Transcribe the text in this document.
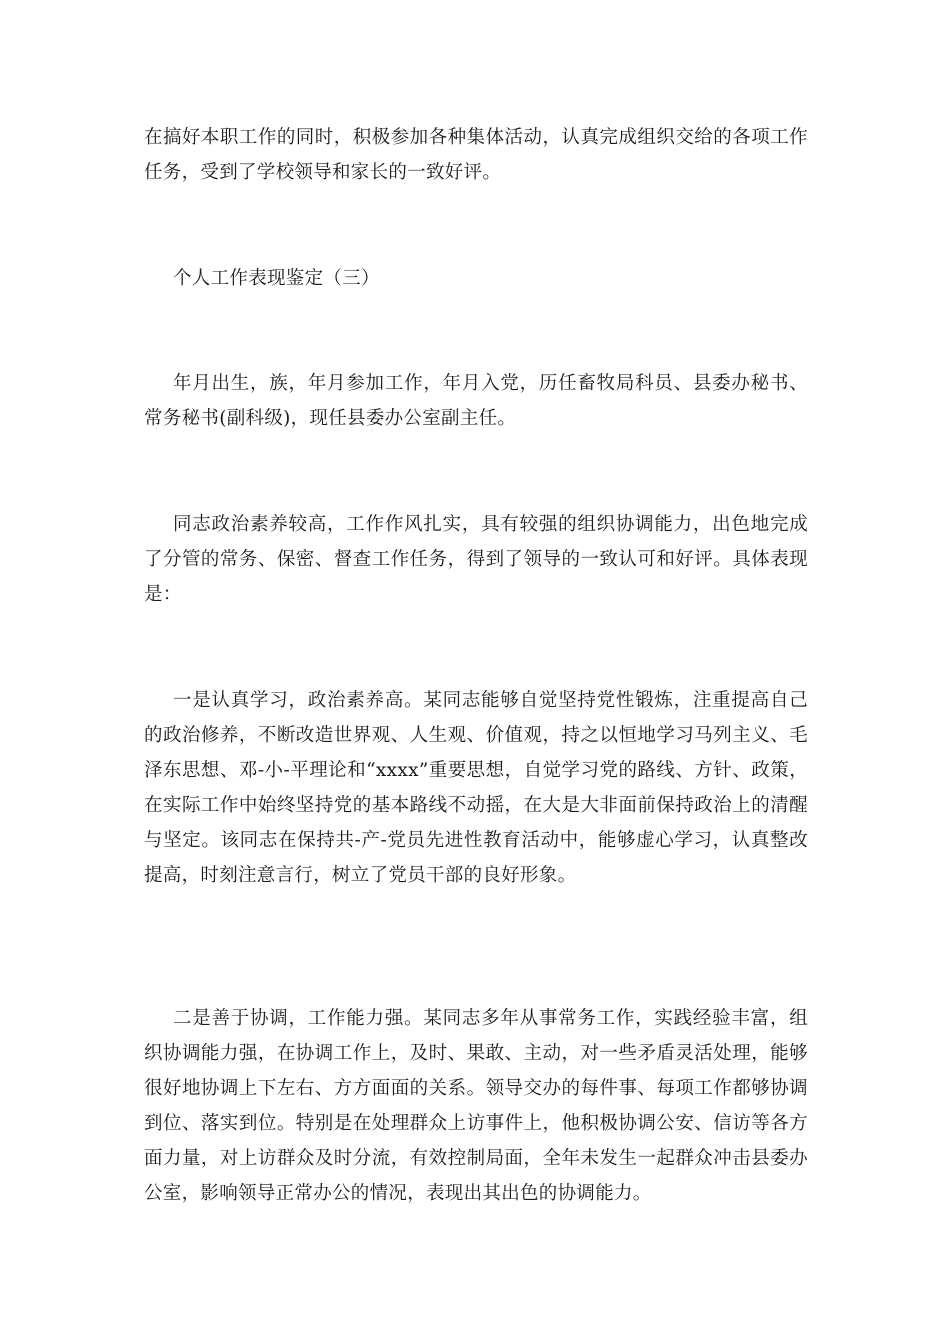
在搞好本职工作的同时，积极参加各种集体活动，认真完成组织交给的各项工作任务，受到了学校领导和家长的一致好评。

个人工作表现鉴定（三）

年月出生，族，年月参加工作，年月入党，历任畜牧局科员、县委办秘书、常务秘书(副科级)，现任县委办公室副主任。

同志政治素养较高，工作作风扎实，具有较强的组织协调能力，出色地完成了分管的常务、保密、督查工作任务，得到了领导的一致认可和好评。具体表现是：

一是认真学习，政治素养高。某同志能够自觉坚持党性锻炼，注重提高自己的政治修养，不断改造世界观、人生观、价值观，持之以恒地学习马列主义、毛泽东思想、邓-小-平理论和“xxxx”重要思想，自觉学习党的路线、方针、政策，在实际工作中始终坚持党的基本路线不动摇，在大是大非面前保持政治上的清醒与坚定。该同志在保持共-产-党员先进性教育活动中，能够虚心学习，认真整改提高，时刻注意言行，树立了党员干部的良好形象。

二是善于协调，工作能力强。某同志多年从事常务工作，实践经验丰富，组织协调能力强，在协调工作上，及时、果敢、主动，对一些矛盾灵活处理，能够很好地协调上下左右、方方面面的关系。领导交办的每件事、每项工作都够协调到位、落实到位。特别是在处理群众上访事件上，他积极协调公安、信访等各方面力量，对上访群众及时分流，有效控制局面，全年未发生一起群众冲击县委办公室，影响领导正常办公的情况，表现出其出色的协调能力。
